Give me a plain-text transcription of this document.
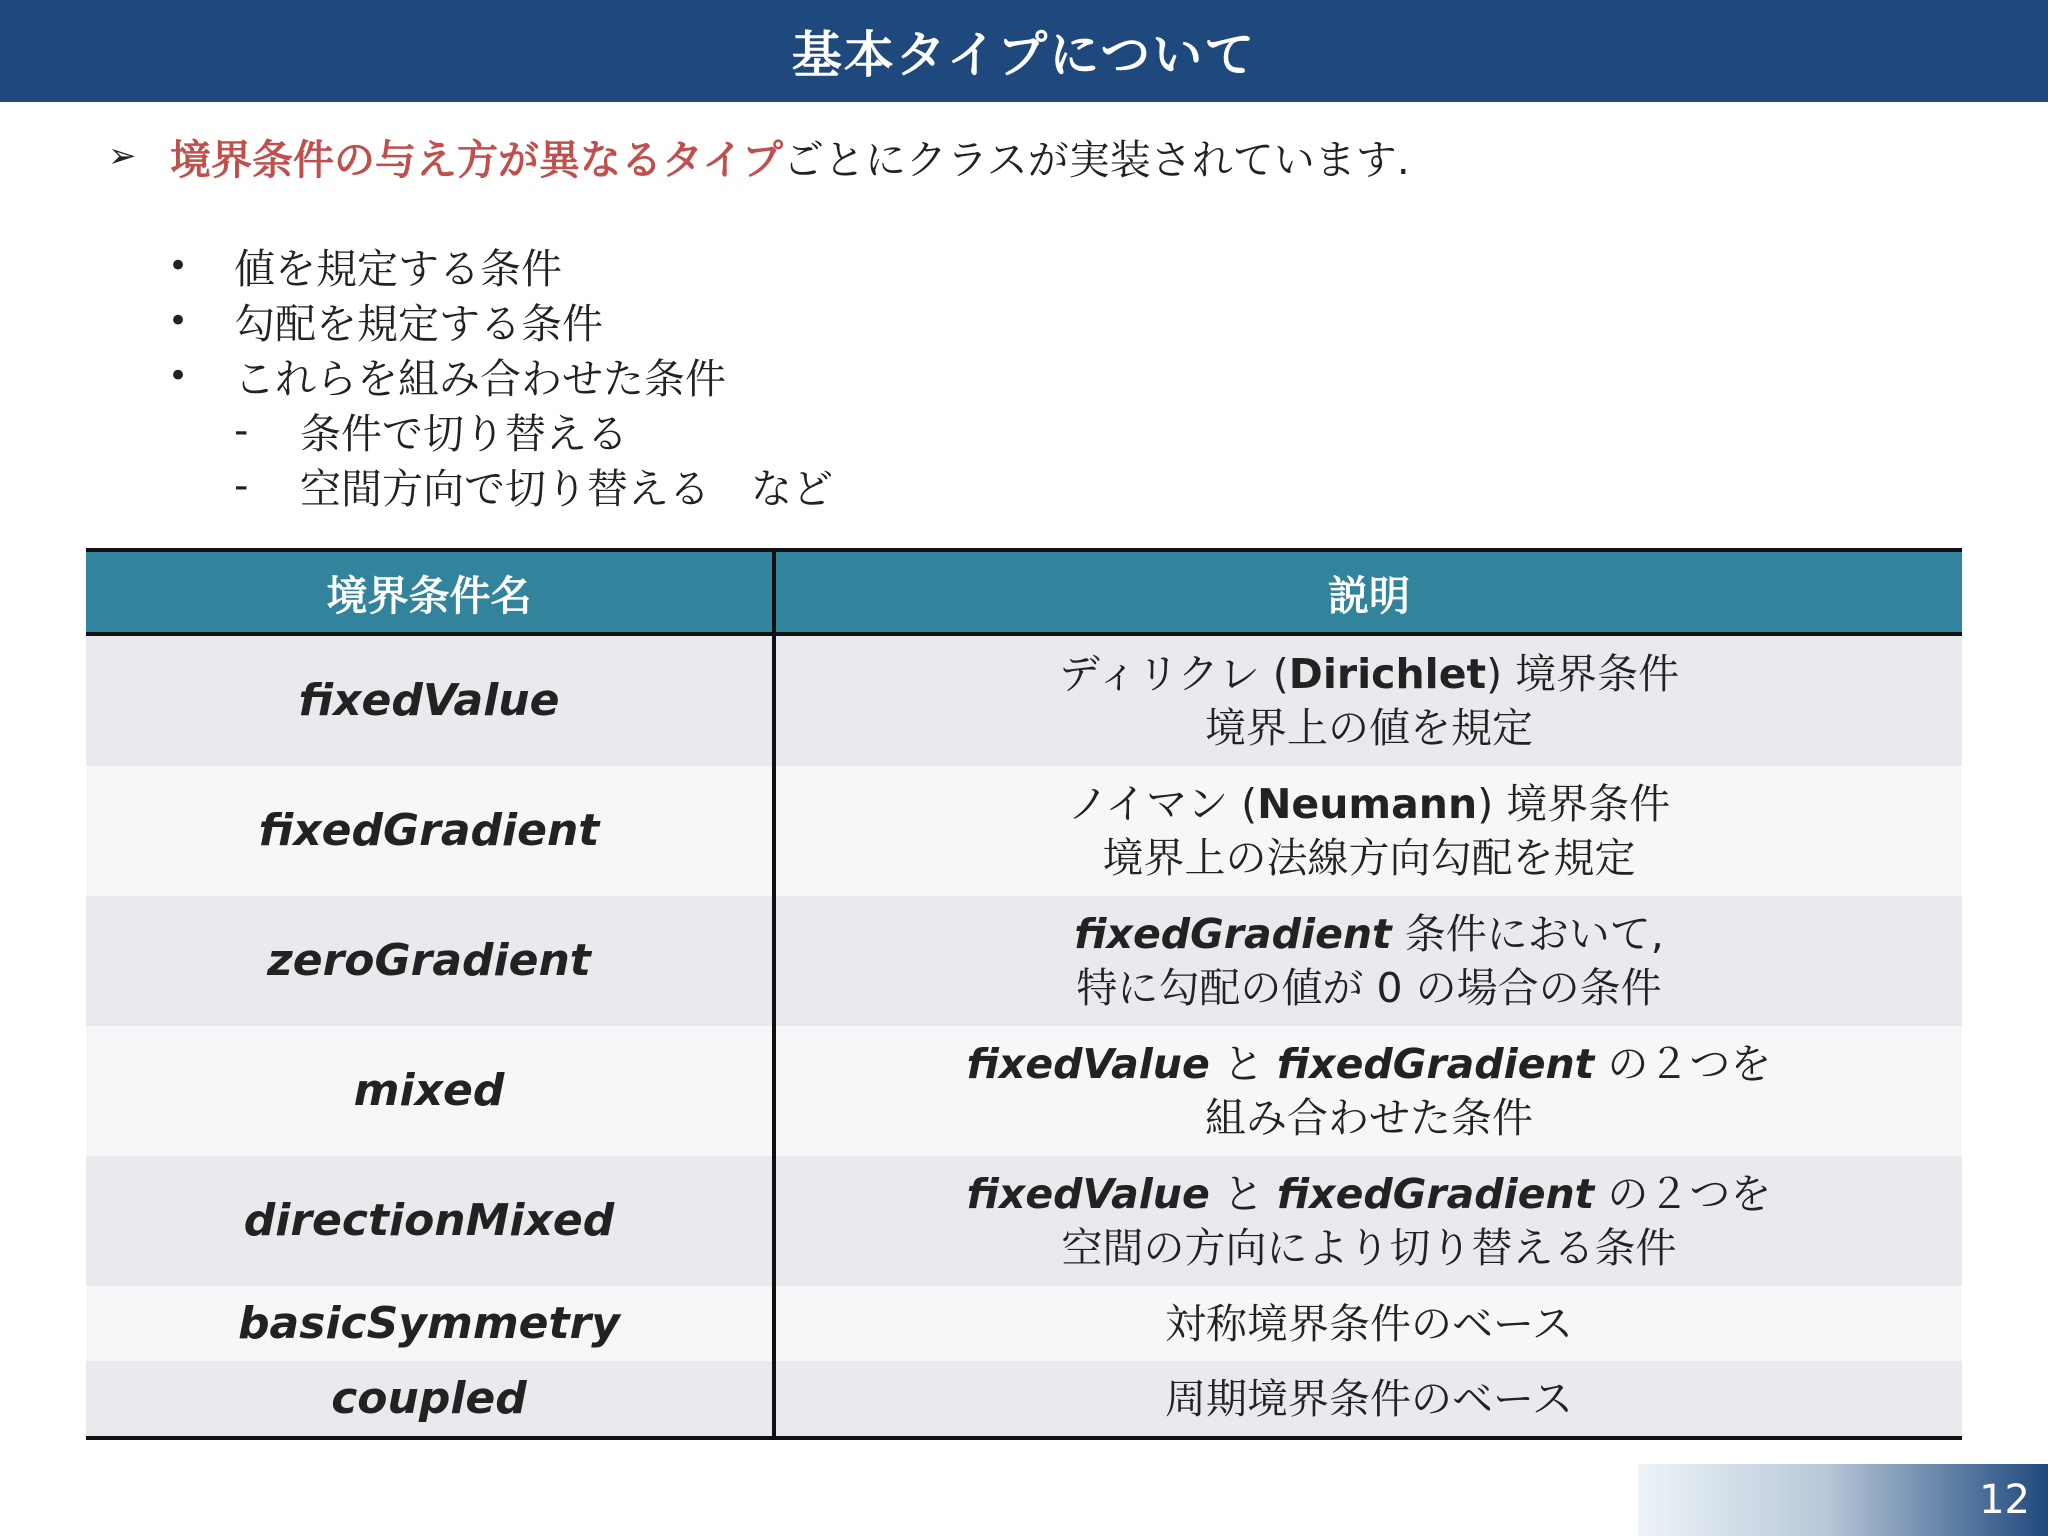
基本タイプについて
➢ 境界条件の与え方が異なるタイプ ごとにクラスが実装されています.
•	値を規定する条件
•	勾配を規定する条件
•	これらを組み合わせた条件
-	条件で切り替える
-	空間方向で切り替える　など
境界条件名	説明
fixedValue	ディリクレ (Dirichlet) 境界条件
境界上の値を規定

fixedGradient	ノイマン (Neumann) 境界条件
境界上の法線方向勾配を規定

zeroGradient	fixedGradient 条件において,
特に勾配の値が 0 の場合の条件

mixed	fixedValue と fixedGradient の２つを
組み合わせた条件

directionMixed	fixedValue と fixedGradient の２つを
空間の方向により切り替える条件

basicSymmetry	対称境界条件のベース
coupled	周期境界条件のベース
12
